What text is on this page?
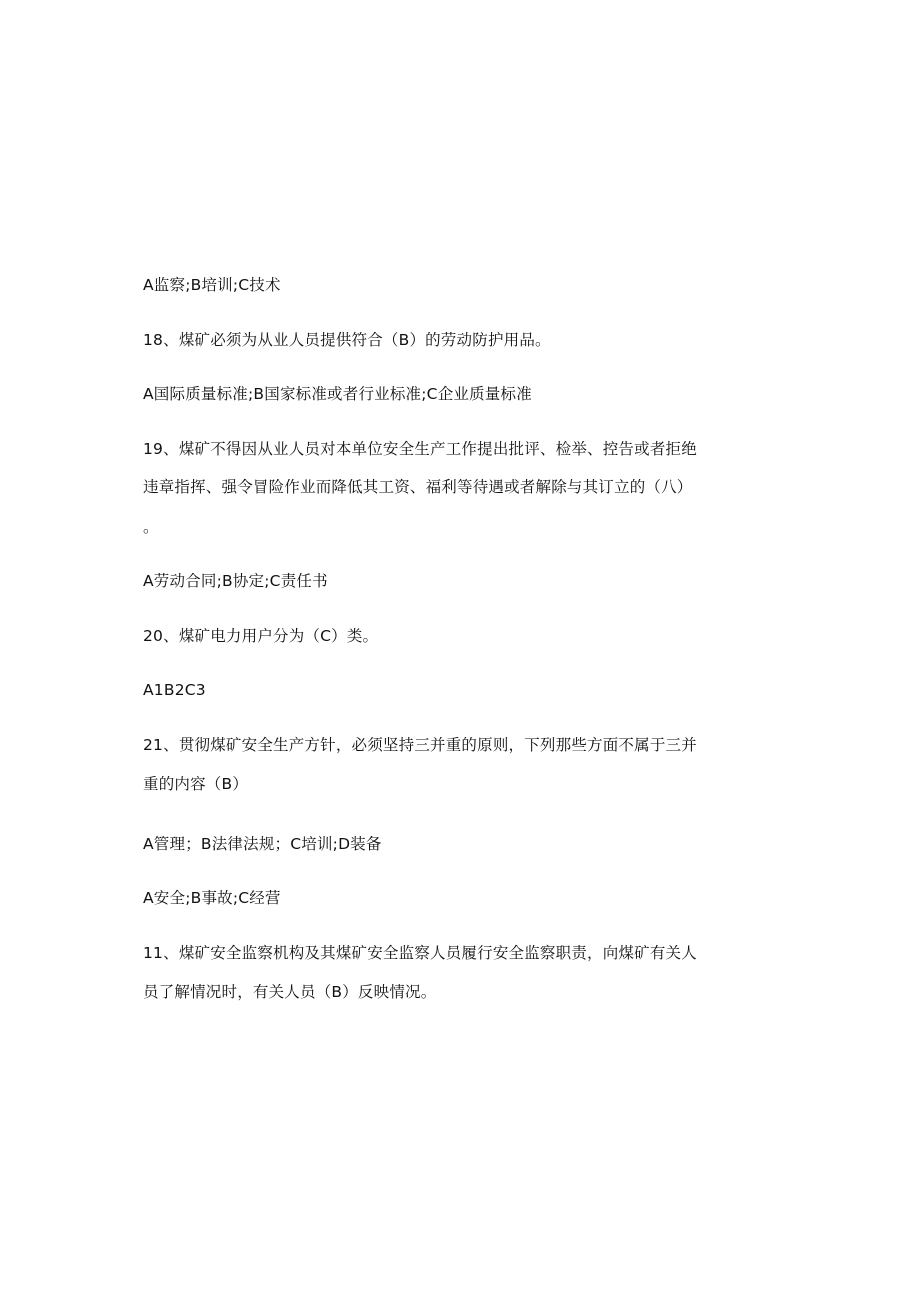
A监察;B培训;C技术
18、煤矿必须为从业人员提供符合（B）的劳动防护用品。
A国际质量标准;B国家标准或者行业标准;C企业质量标准
19、煤矿不得因从业人员对本单位安全生产工作提出批评、检举、控告或者拒绝
违章指挥、强令冒险作业而降低其工资、福利等待遇或者解除与其订立的（八）
。
A劳动合同;B协定;C责任书
20、煤矿电力用户分为（C）类。
A1B2C3
21、贯彻煤矿安全生产方针，必须坚持三并重的原则，下列那些方面不属于三并
重的内容（B）
A管理；B法律法规；C培训;D装备
A安全;B事故;C经营
11、煤矿安全监察机构及其煤矿安全监察人员履行安全监察职责，向煤矿有关人
员了解情况时，有关人员（B）反映情况。
